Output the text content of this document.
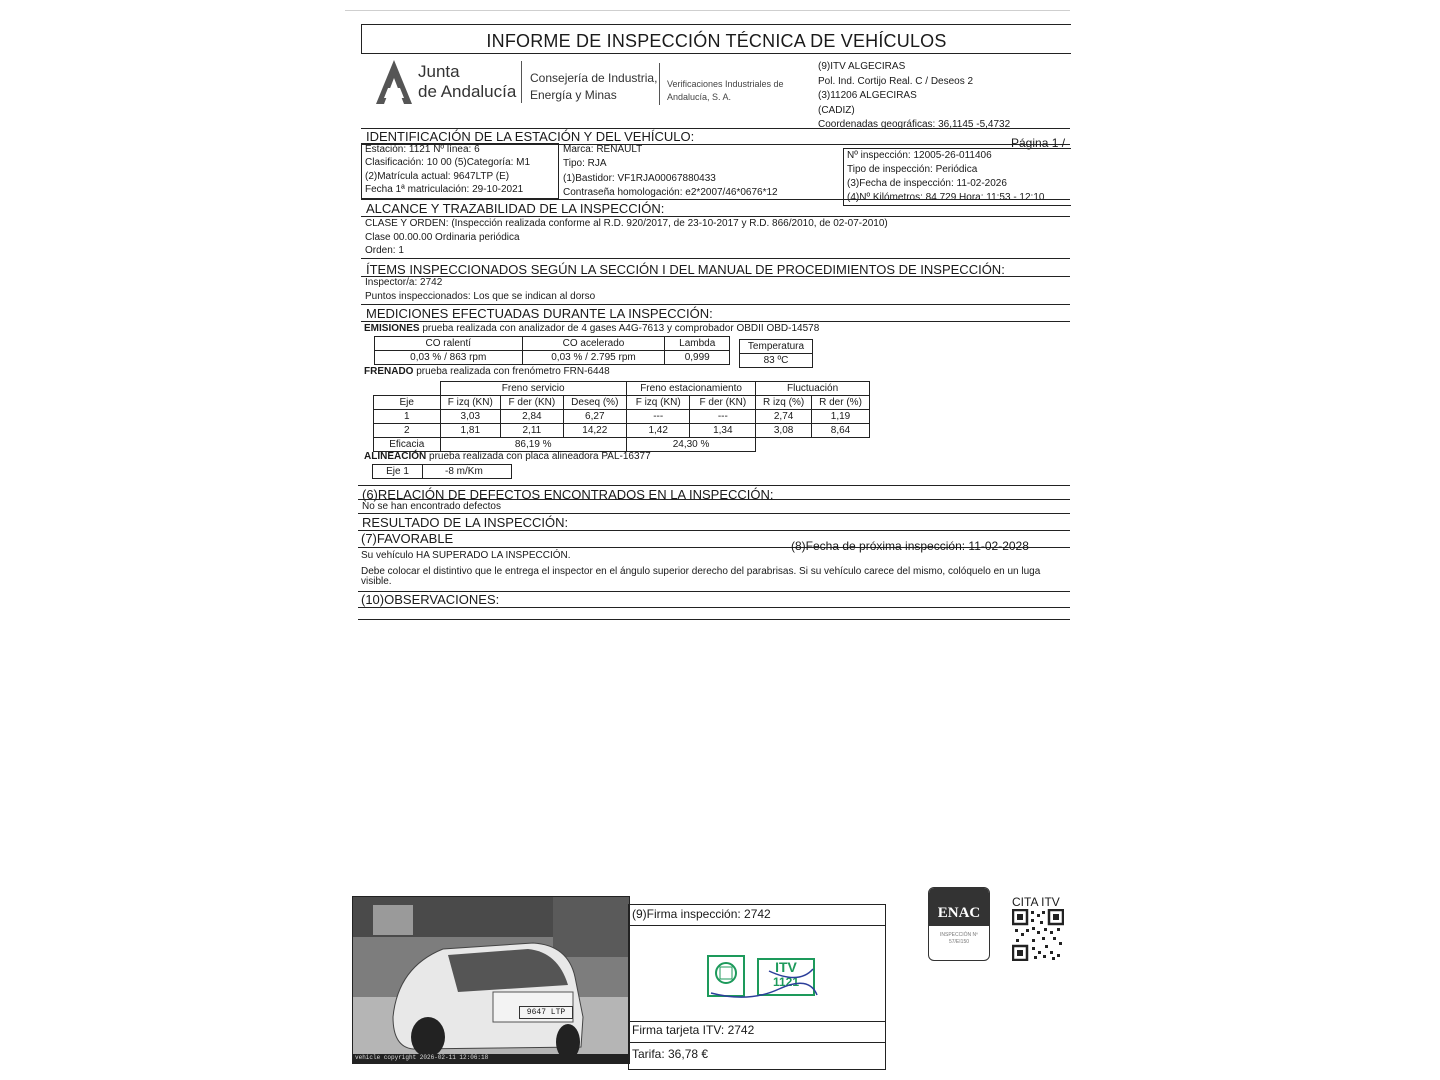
INFORME DE INSPECCIÓN TÉCNICA DE VEHÍCULOS
Junta
de Andalucía
Consejería de Industria,
Energía y Minas
Verificaciones Industriales de
Andalucía, S. A.
(9)ITV ALGECIRAS
Pol. Ind. Cortijo Real. C / Deseos 2
(3)11206 ALGECIRAS
(CADIZ)
Coordenadas geográficas: 36,1145 -5,4732
IDENTIFICACIÓN DE LA ESTACIÓN Y DEL VEHÍCULO:	Página 1 /
Estación: 1121 Nº línea: 6
Clasificación: 10 00 (5)Categoría: M1
(2)Matrícula actual: 9647LTP (E)
Fecha 1ª matriculación: 29-10-2021
Marca: RENAULT
Tipo: RJA
(1)Bastidor: VF1RJA00067880433
Contraseña homologación: e2*2007/46*0676*12
Nº inspección: 12005-26-011406
Tipo de inspección: Periódica
(3)Fecha de inspección: 11-02-2026
(4)Nº Kilómetros: 84.729 Hora: 11:53 - 12:10
ALCANCE Y TRAZABILIDAD DE LA INSPECCIÓN:
CLASE Y ORDEN: (Inspección realizada conforme al R.D. 920/2017, de 23-10-2017 y R.D. 866/2010, de 02-07-2010)
Clase 00.00.00 Ordinaria periódica
Orden: 1
ÍTEMS INSPECCIONADOS SEGÚN LA SECCIÓN I DEL MANUAL DE PROCEDIMIENTOS DE INSPECCIÓN:
Inspector/a: 2742
Puntos inspeccionados: Los que se indican al dorso
MEDICIONES EFECTUADAS DURANTE LA INSPECCIÓN:
EMISIONES prueba realizada con analizador de 4 gases A4G-7613 y comprobador OBDII OBD-14578
CO ralentí	CO acelerado	Lambda
0,03 % / 863 rpm	0,03 % / 2.795 rpm	0,999
Temperatura
83 ºC
FRENADO prueba realizada con frenómetro FRN-6448
	Freno servicio			Freno estacionamiento		Fluctuación	
Eje	F izq (KN)	F der (KN)	Deseq (%)	F izq (KN)	F der (KN)	R izq (%)	R der (%)
1	3,03	2,84	6,27	---	---	2,74	1,19
2	1,81	2,11	14,22	1,42	1,34	3,08	8,64
Eficacia	86,19 %			24,30 %			
ALINEACIÓN prueba realizada con placa alineadora PAL-16377
Eje 1	-8 m/Km
(6)RELACIÓN DE DEFECTOS ENCONTRADOS EN LA INSPECCIÓN:
No se han encontrado defectos
RESULTADO DE LA INSPECCIÓN:
(7)FAVORABLE	(8)Fecha de próxima inspección: 11-02-2028
Su vehículo HA SUPERADO LA INSPECCIÓN.
Debe colocar el distintivo que le entrega el inspector en el ángulo superior derecho del parabrisas. Si su vehículo carece del mismo, colóquelo en un luga
visible.
(10)OBSERVACIONES:
9647 LTP
vehicle copyright 2026-02-11 12:06:18
(9)Firma inspección: 2742
ITV
1121
Firma tarjeta ITV: 2742
Tarifa: 36,78 €
ENAC
INSPECCIÓN Nº 57/EI150
CITA ITV
